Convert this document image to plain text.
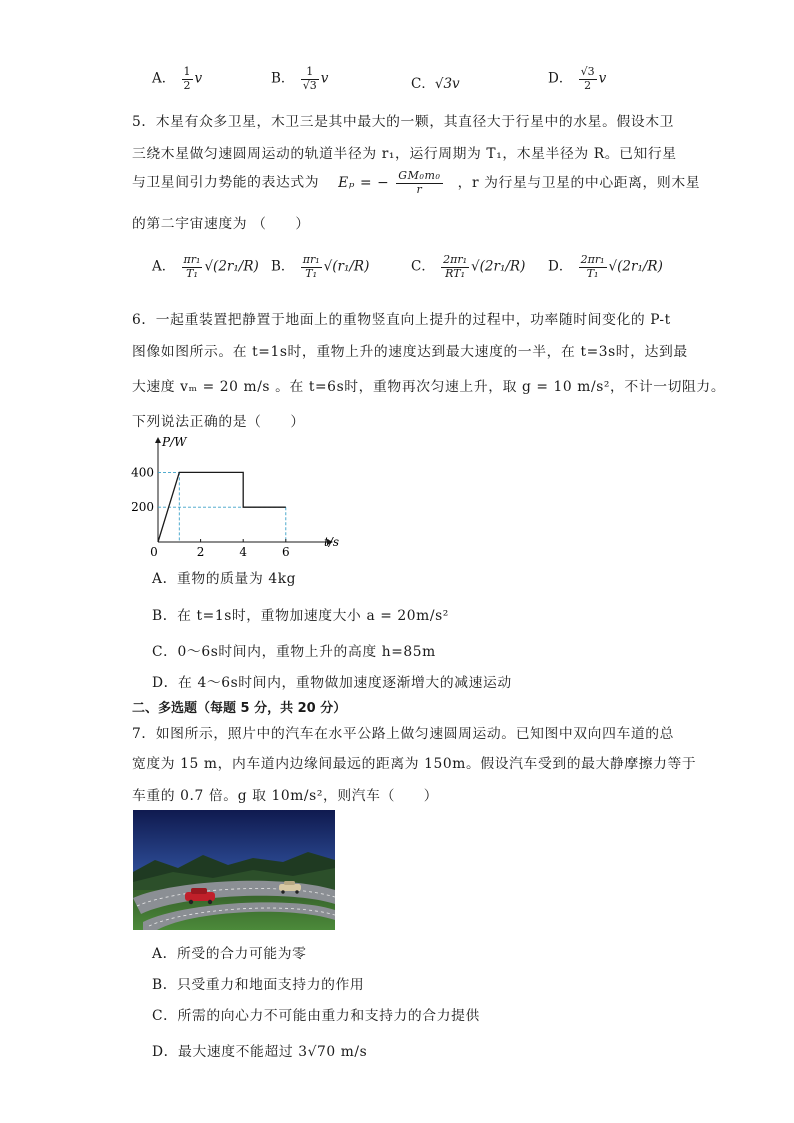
A． $\frac{1}{2}$ v	B． $\frac{1}{√3}$ v	C．√3v	D． $\frac{√3}{2}$ v
5．木星有众多卫星，木卫三是其中最大的一颗，其直径大于行星中的水星。假设木卫
三绕木星做匀速圆周运动的轨道半径为 r₁，运行周期为 T₁，木星半径为 R。已知行星
与卫星间引力势能的表达式为 Eₚ = − $\frac{\text{GM₀m₀}}{r}$ ，r 为行星与卫星的中心距离，则木星
的第二宇宙速度为 （　　）
A． $\frac{\text{πr₁}}{\text{T₁}} √(2r_1/R)$ B． $\frac{\text{πr₁}}{\text{T₁}} √(r_1/R)$	C． $\frac{\text{2πr₁}}{\text{RT₁}} √(2r_1/R)$ D． $\frac{\text{2πr₁}}{\text{T₁}} √(2r_1/R)$
6．一起重装置把静置于地面上的重物竖直向上提升的过程中，功率随时间变化的 P-t
图像如图所示。在 t=1s时，重物上升的速度达到最大速度的一半，在 t=3s时，达到最
大速度 vₘ = 20 m/s 。在 t=6s时，重物再次匀速上升，取 g = 10 m/s²，不计一切阻力。
下列说法正确的是（　　）
2	4	6
200
400
P/W
t/s
0
A．重物的质量为 4kg
B．在 t=1s时，重物加速度大小 a = 20m/s²
C．0～6s时间内，重物上升的高度 h=85m
D．在 4～6s时间内，重物做加速度逐渐增大的减速运动
二、多选题（每题 5 分，共 20 分）
7．如图所示，照片中的汽车在水平公路上做匀速圆周运动。已知图中双向四车道的总
宽度为 15 m，内车道内边缘间最远的距离为 150m。假设汽车受到的最大静摩擦力等于
车重的 0.7 倍。g 取 10m/s²，则汽车（　　）
A．所受的合力可能为零
B．只受重力和地面支持力的作用
C．所需的向心力不可能由重力和支持力的合力提供
D．最大速度不能超过 3√70 m/s
